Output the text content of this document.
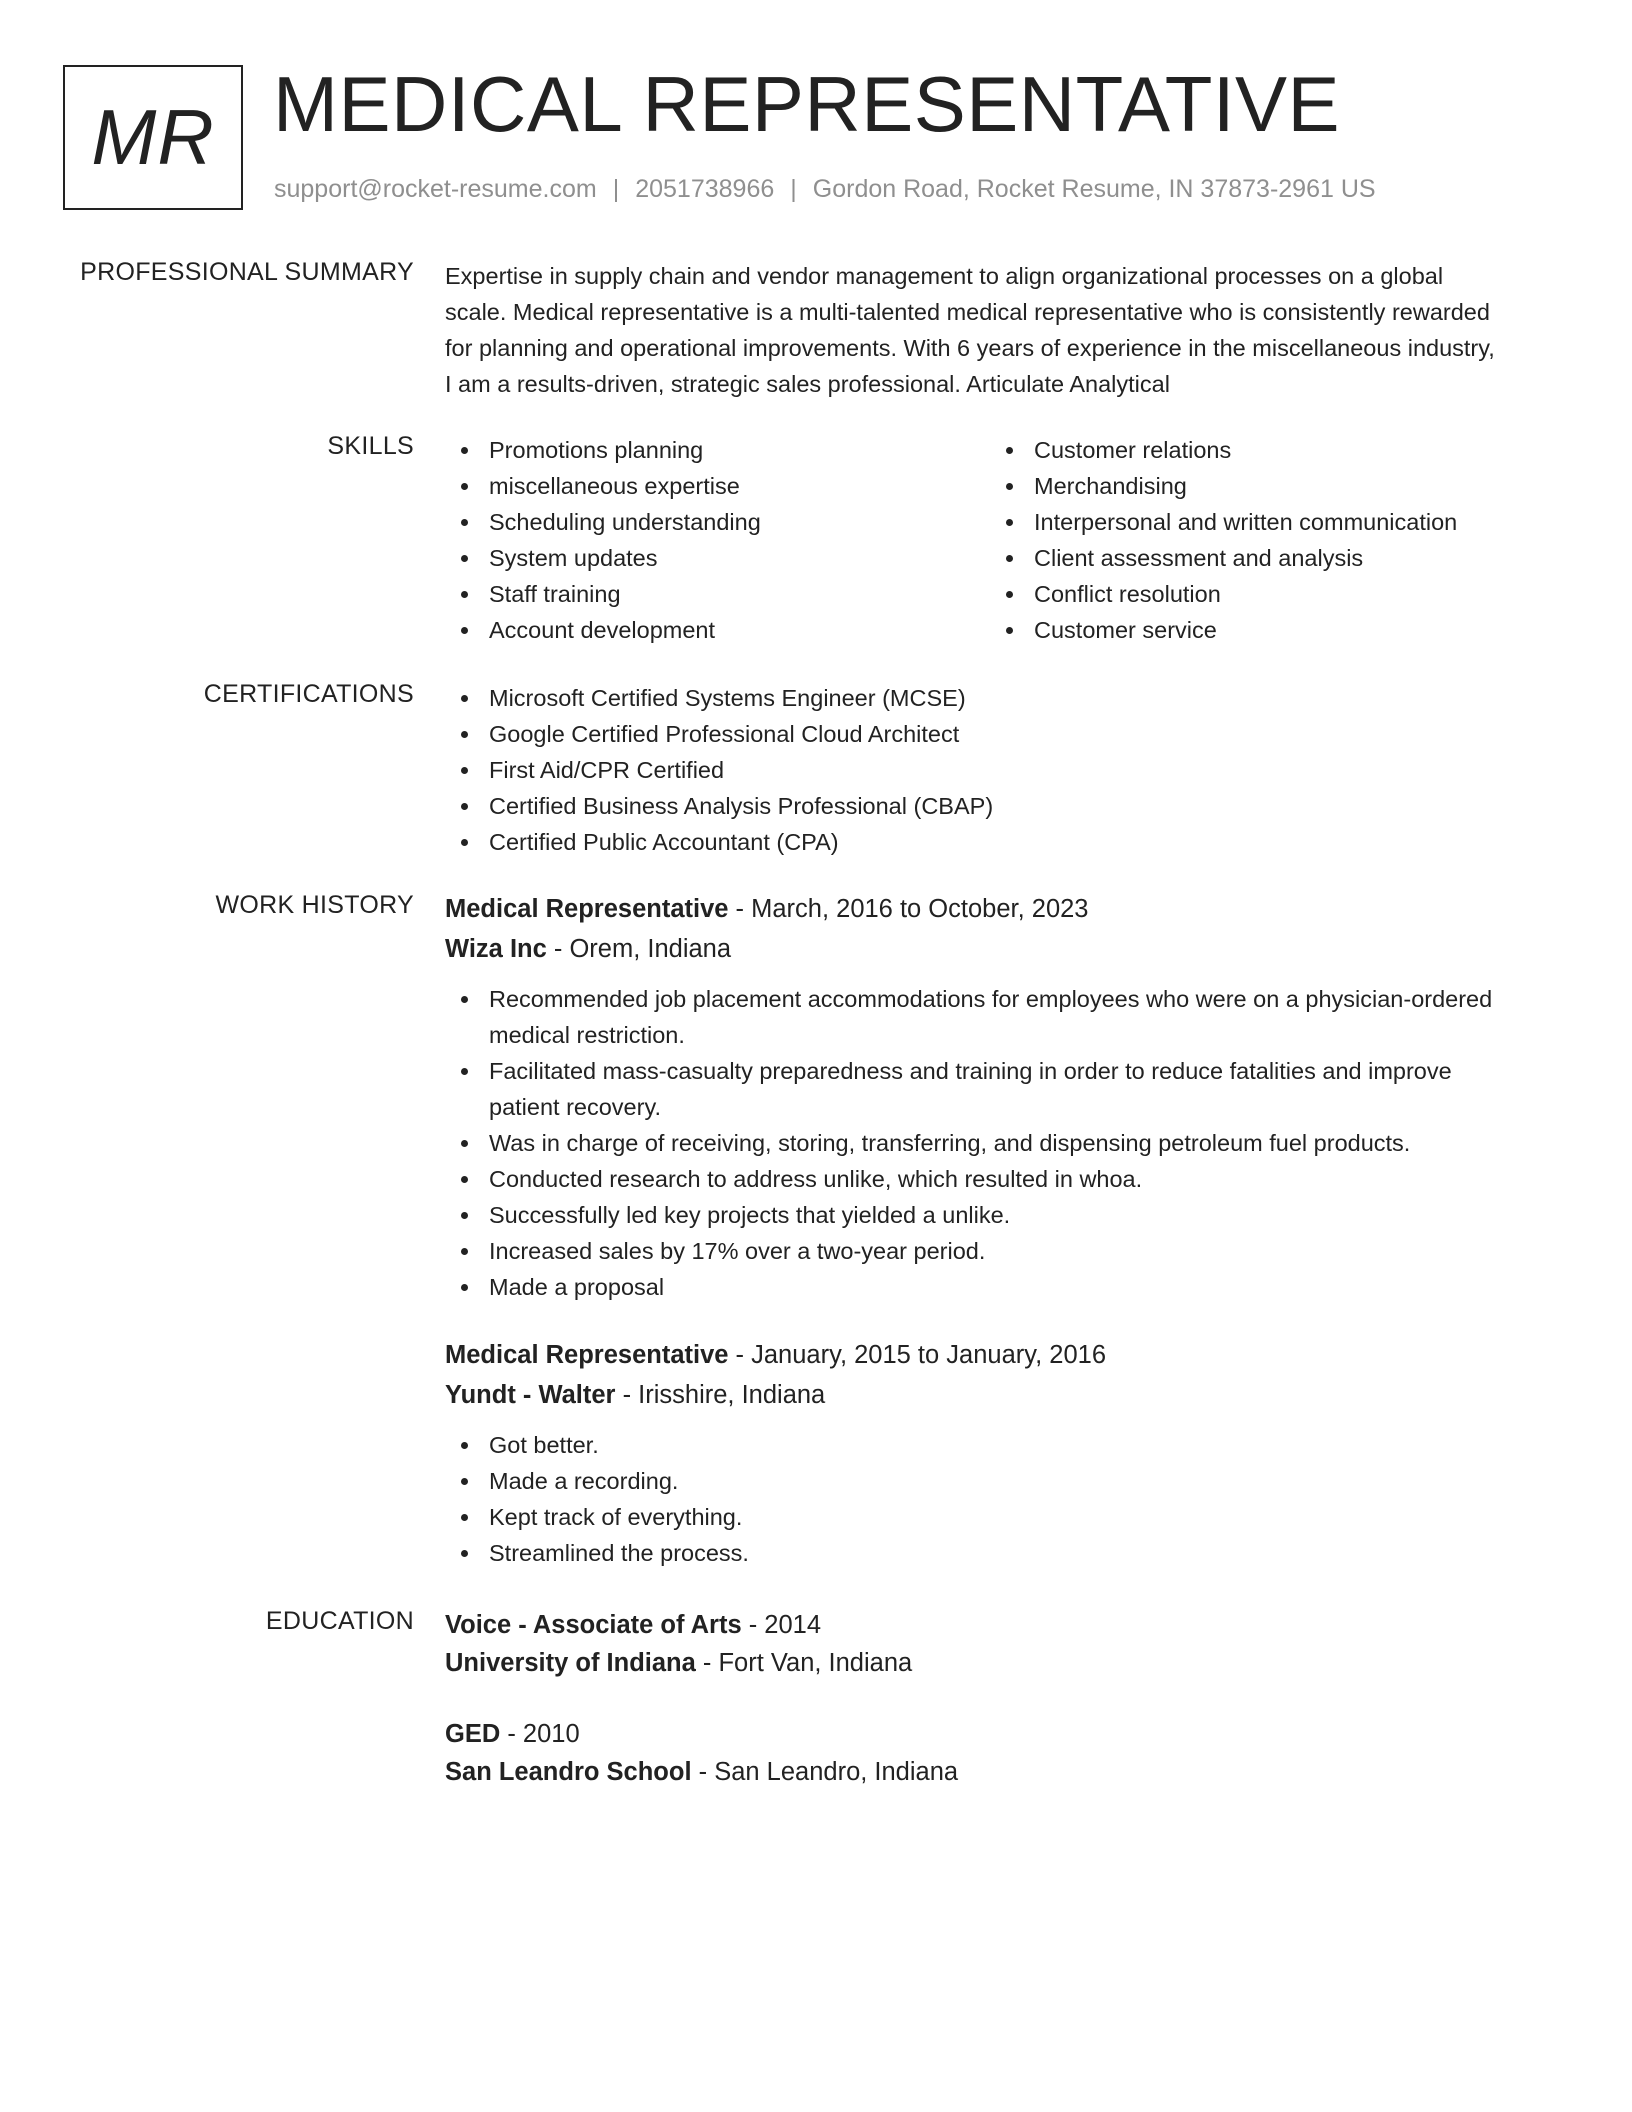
MR MEDICAL REPRESENTATIVE
support@rocket-resume.com | 2051738966 | Gordon Road, Rocket Resume, IN 37873-2961 US
PROFESSIONAL SUMMARY Expertise in supply chain and vendor management to align organizational processes on a global
scale. Medical representative is a multi-talented medical representative who is consistently rewarded
for planning and operational improvements. With 6 years of experience in the miscellaneous industry,
I am a results-driven, strategic sales professional. Articulate Analytical
SKILLS	Promotions planning
miscellaneous expertise
Scheduling understanding
System updates
Staff training
Account development
Customer relations
Merchandising
Interpersonal and written communication
Client assessment and analysis
Conflict resolution
Customer service
CERTIFICATIONS	Microsoft Certified Systems Engineer (MCSE)
Google Certified Professional Cloud Architect
First Aid/CPR Certified
Certified Business Analysis Professional (CBAP)
Certified Public Accountant (CPA)
WORK HISTORY Medical Representative - March, 2016 to October, 2023
Wiza Inc - Orem, Indiana
Recommended job placement accommodations for employees who were on a physician-ordered
medical restriction.
Facilitated mass-casualty preparedness and training in order to reduce fatalities and improve
patient recovery.
Was in charge of receiving, storing, transferring, and dispensing petroleum fuel products.
Conducted research to address unlike, which resulted in whoa.
Successfully led key projects that yielded a unlike.
Increased sales by 17% over a two-year period.
Made a proposal
Medical Representative - January, 2015 to January, 2016
Yundt - Walter - Irisshire, Indiana
Got better.
Made a recording.
Kept track of everything.
Streamlined the process.
EDUCATION Voice - Associate of Arts - 2014
University of Indiana - Fort Van, Indiana
GED - 2010
San Leandro School - San Leandro, Indiana
